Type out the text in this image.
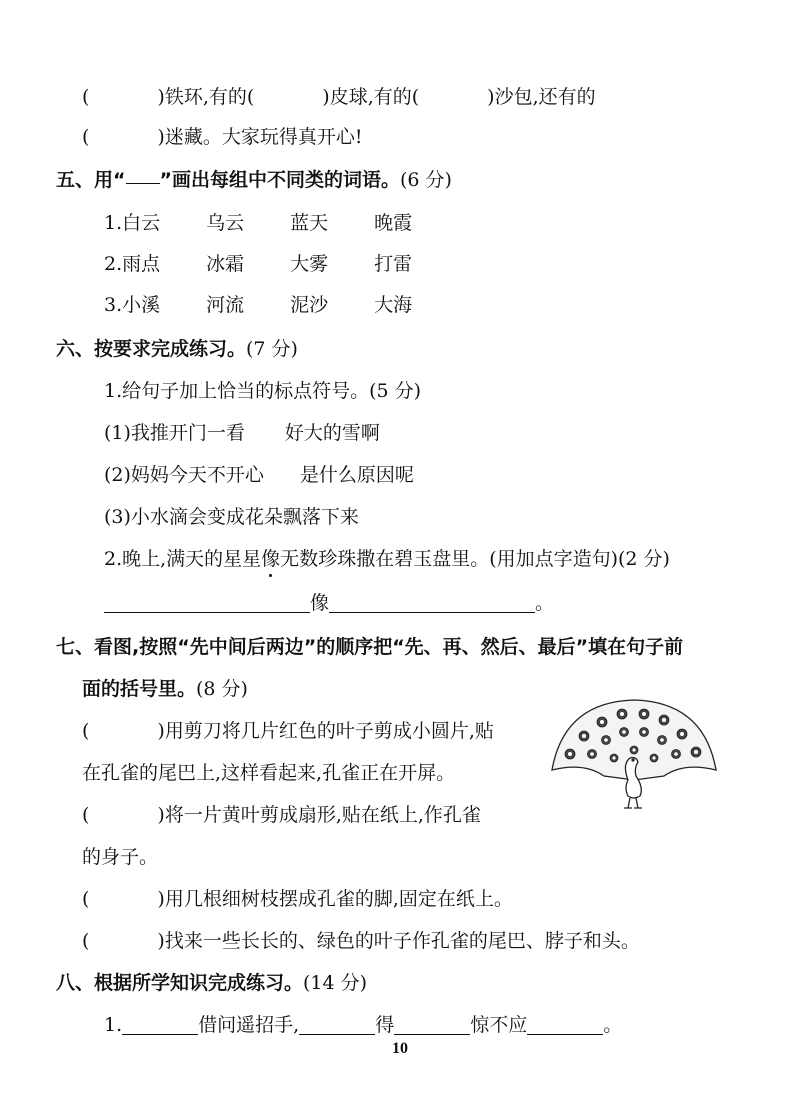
(	)铁环,有的(	)皮球,有的(	)沙包,还有的
(	)迷藏。大家玩得真开心!
五、用“ ”画出每组中不同类的词语。(6 分)
1.白云 乌云 蓝天 晚霞
2.雨点 冰霜 大雾 打雷
3.小溪 河流 泥沙 大海
六、按要求完成练习。(7 分)
1.给句子加上恰当的标点符号。(5 分)
(1)我推开门一看 好大的雪啊
(2)妈妈今天不开心 是什么原因呢
(3)小水滴会变成花朵飘落下来
2.晚上,满天的星星像无数珍珠撒在碧玉盘里。(用加点字造句)(2 分)
像	。
七、看图,按照“先中间后两边”的顺序把“先、再、然后、最后”填在句子前
面的括号里。(8 分)
(	)用剪刀将几片红色的叶子剪成小圆片,贴
在孔雀的尾巴上,这样看起来,孔雀正在开屏。
(	)将一片黄叶剪成扇形,贴在纸上,作孔雀
的身子。
(	)用几根细树枝摆成孔雀的脚,固定在纸上。
(	)找来一些长长的、绿色的叶子作孔雀的尾巴、脖子和头。
八、根据所学知识完成练习。(14 分)
1.	借问遥招手,	得	惊不应	。
10
